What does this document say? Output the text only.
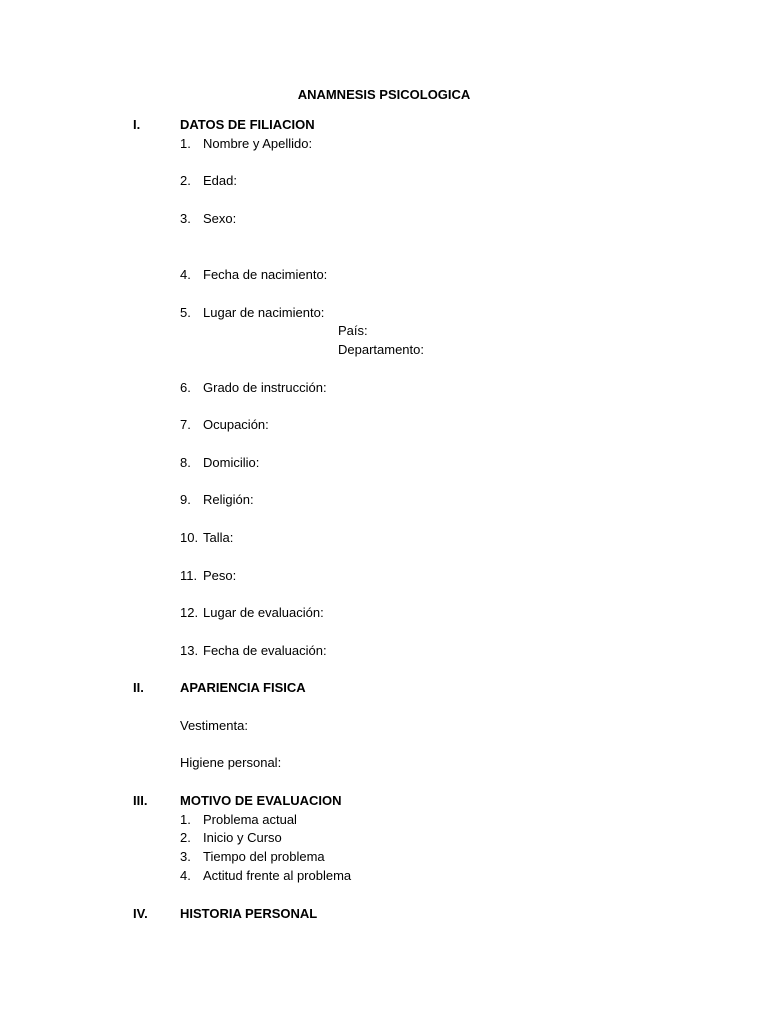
ANAMNESIS PSICOLOGICA
I.	DATOS DE FILIACION
1. Nombre y Apellido:
2. Edad:
3. Sexo:
4. Fecha de nacimiento:
5. Lugar de nacimiento:
País:
Departamento:
6. Grado de instrucción:
7. Ocupación:
8. Domicilio:
9. Religión:
10. Talla:
11. Peso:
12. Lugar de evaluación:
13. Fecha de evaluación:
II.	APARIENCIA FISICA
Vestimenta:
Higiene personal:
III.	MOTIVO DE EVALUACION
1. Problema actual
2. Inicio y Curso
3. Tiempo del problema
4. Actitud frente al problema
IV. HISTORIA PERSONAL
